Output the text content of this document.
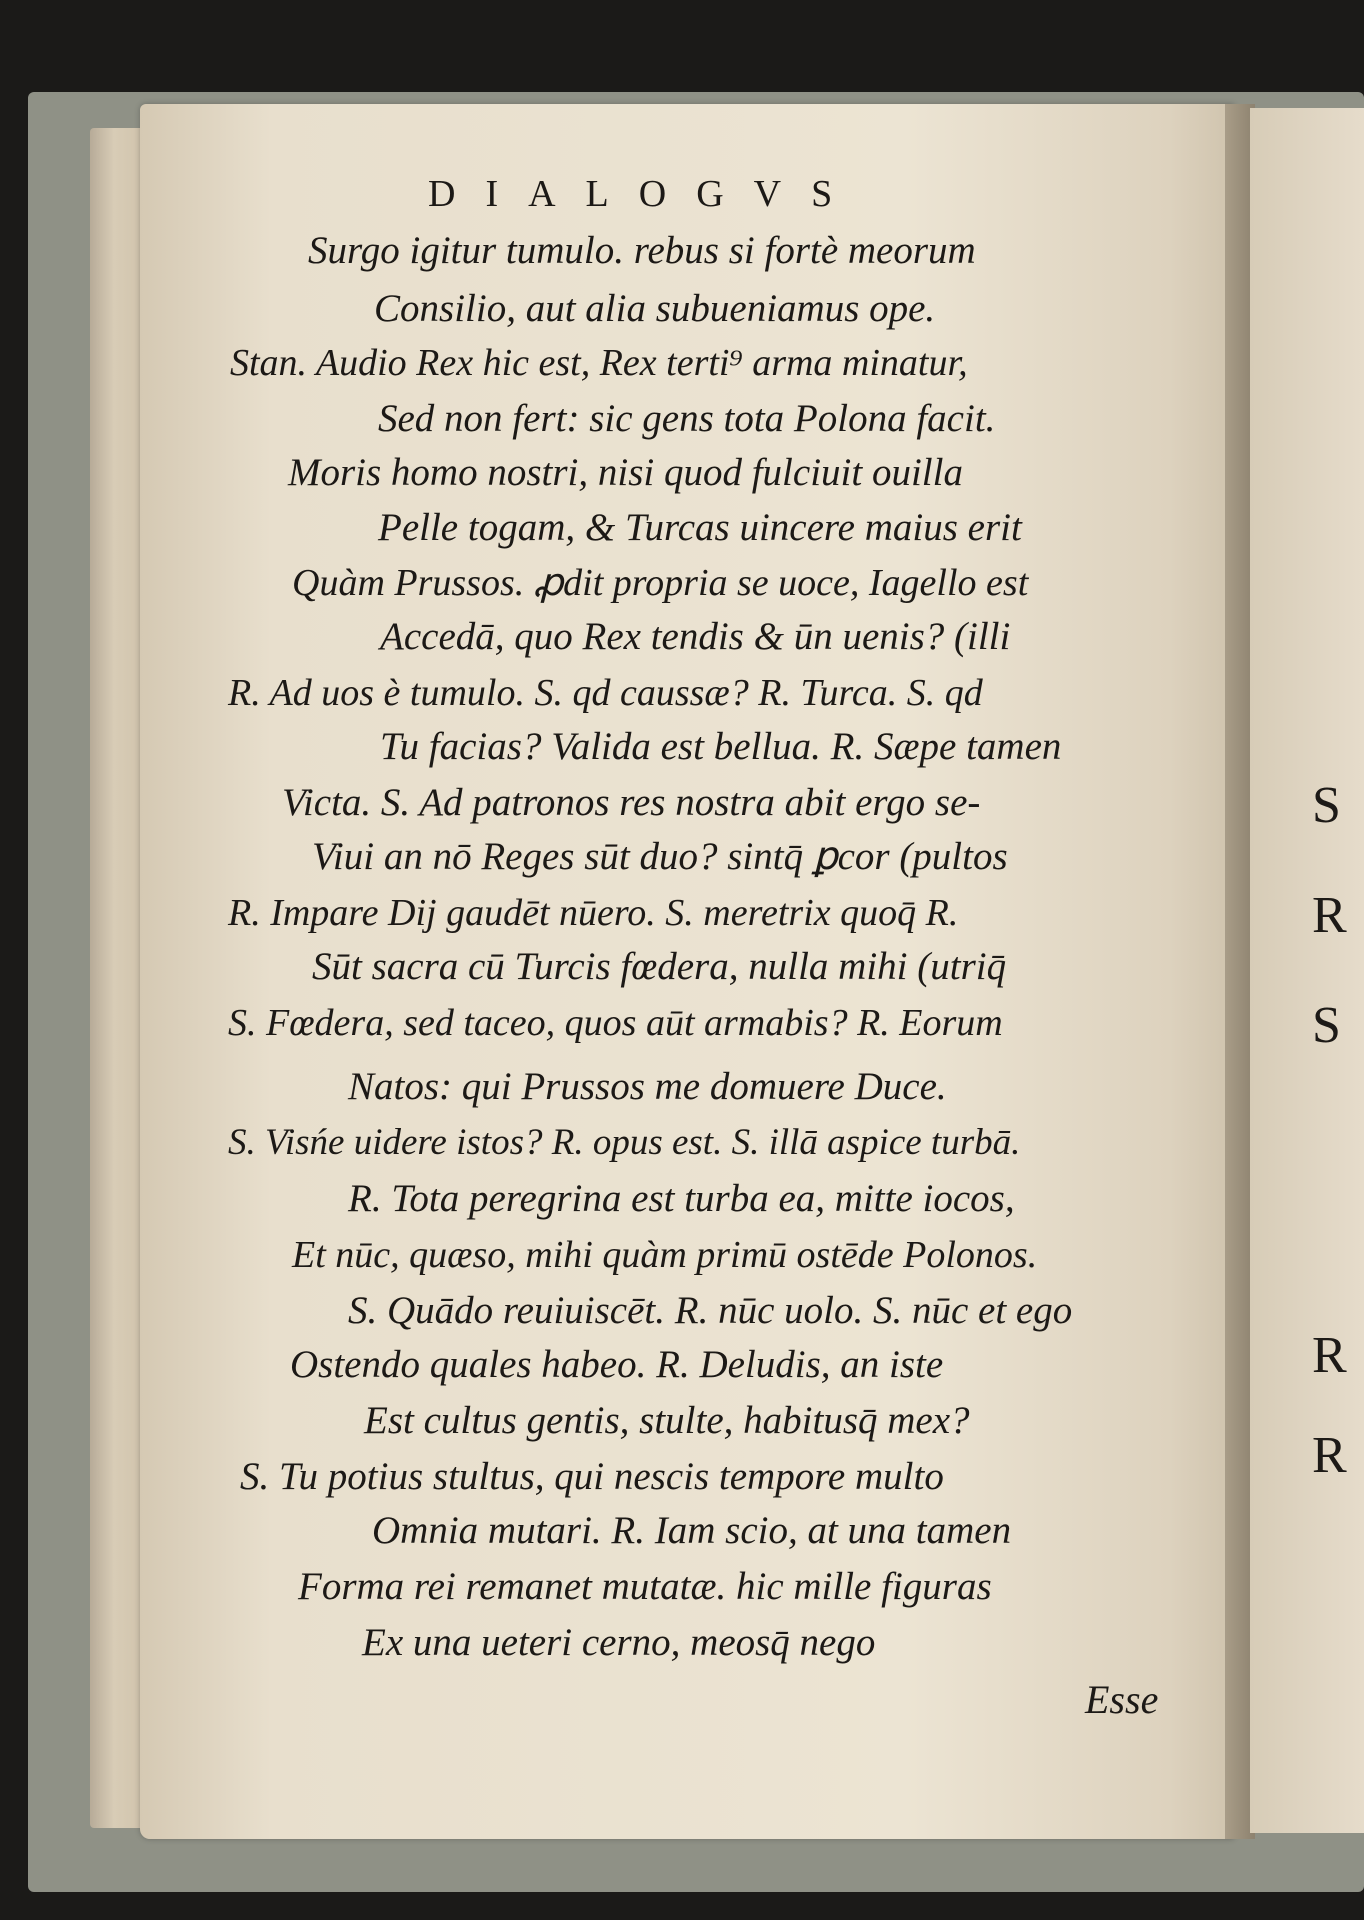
DIALOGVS
Surgo igitur tumulo. rebus si fortè meorum
Consilio, aut alia subueniamus ope.
Stan. Audio Rex hic est, Rex terti⁹ arma minatur,
Sed non fert: sic gens tota Polona facit.
Moris homo nostri, nisi quod fulciuit ouilla
Pelle togam, & Turcas uincere maius erit
Quàm Prussos. ꝓdit propria se uoce, Iagello est
Accedā, quo Rex tendis & ūn uenis? (illi
R. Ad uos è tumulo. S. qd caussæ? R. Turca. S. qd
Tu facias? Valida est bellua. R. Sæpe tamen
Victa. S. Ad patronos res nostra abit ergo se-
Viui an nō Reges sūt duo? sintq̄ ꝑcor (pultos
R. Impare Dij gaudēt nūero. S. meretrix quoq̄ R.
Sūt sacra cū Turcis fœdera, nulla mihi (utriq̄
S. Fœdera, sed taceo, quos aūt armabis? R. Eorum
Natos: qui Prussos me domuere Duce.
S. Visńe uidere istos? R. opus est. S. illā aspice turbā.
R. Tota peregrina est turba ea, mitte iocos,
Et nūc, quæso, mihi quàm primū ostēde Polonos.
S. Quādo reuiuiscēt. R. nūc uolo. S. nūc et ego
Ostendo quales habeo. R. Deludis, an iste
Est cultus gentis, stulte, habitusq̄ mex?
S. Tu potius stultus, qui nescis tempore multo
Omnia mutari. R. Iam scio, at una tamen
Forma rei remanet mutatæ. hic mille figuras
Ex una ueteri cerno, meosq̄ nego
Esse
S
R
S
R
R
